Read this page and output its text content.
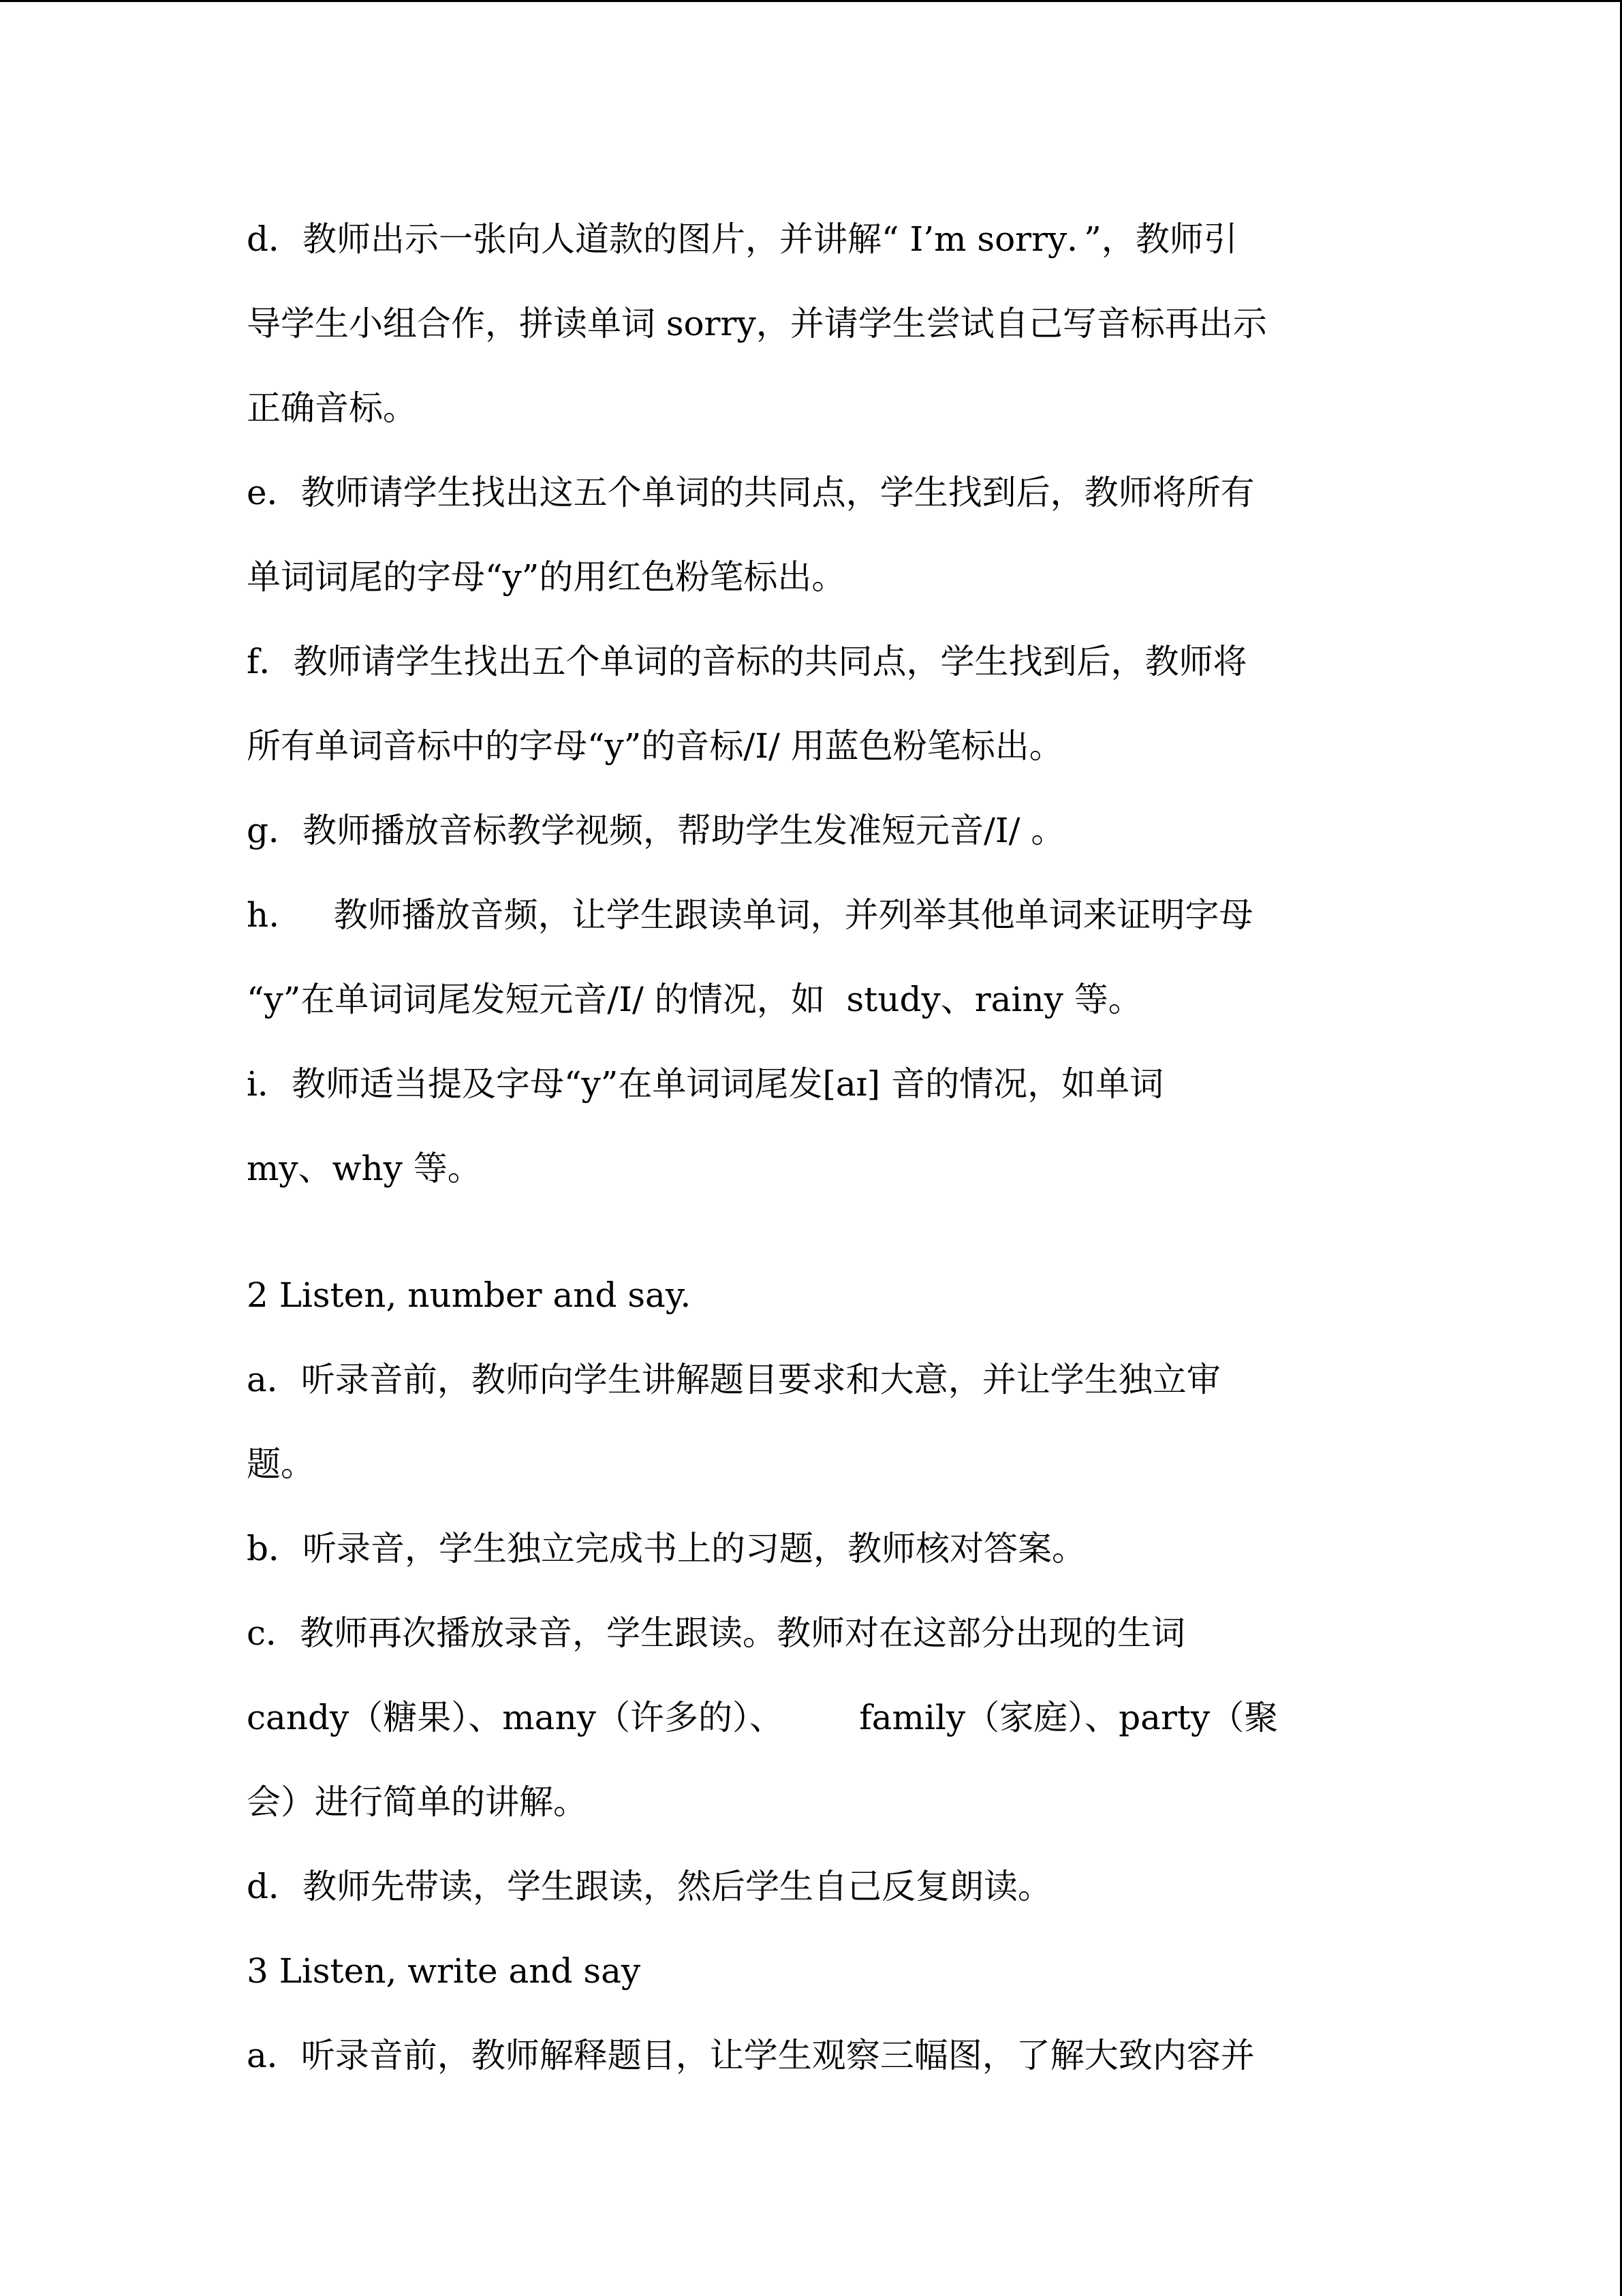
d．教师出示一张向人道款的图片，并讲解“ I’m sorry．”，教师引
导学生小组合作，拼读单词 sorry，并请学生尝试自己写音标再出示
正确音标。
e．教师请学生找出这五个单词的共同点，学生找到后，教师将所有
单词词尾的字母“y”的用红色粉笔标出。
f．教师请学生找出五个单词的音标的共同点，学生找到后，教师将
所有单词音标中的字母“y”的音标/I/ 用蓝色粉笔标出。
g．教师播放音标教学视频，帮助学生发准短元音/I/ 。
h.     教师播放音频，让学生跟读单词，并列举其他单词来证明字母
“y”在单词词尾发短元音/I/ 的情况，如  study、rainy 等。
i．教师适当提及字母“y”在单词词尾发[aɪ] 音的情况，如单词
my、why 等。
2 Listen, number and say.
a．听录音前，教师向学生讲解题目要求和大意，并让学生独立审
题。
b．听录音，学生独立完成书上的习题，教师核对答案。
c．教师再次播放录音，学生跟读。教师对在这部分出现的生词
candy（糖果）、many（许多的）、       family（家庭）、party（聚
会）进行简单的讲解。
d．教师先带读，学生跟读，然后学生自己反复朗读。
3 Listen, write and say
a．听录音前，教师解释题目，让学生观察三幅图，了解大致内容并
